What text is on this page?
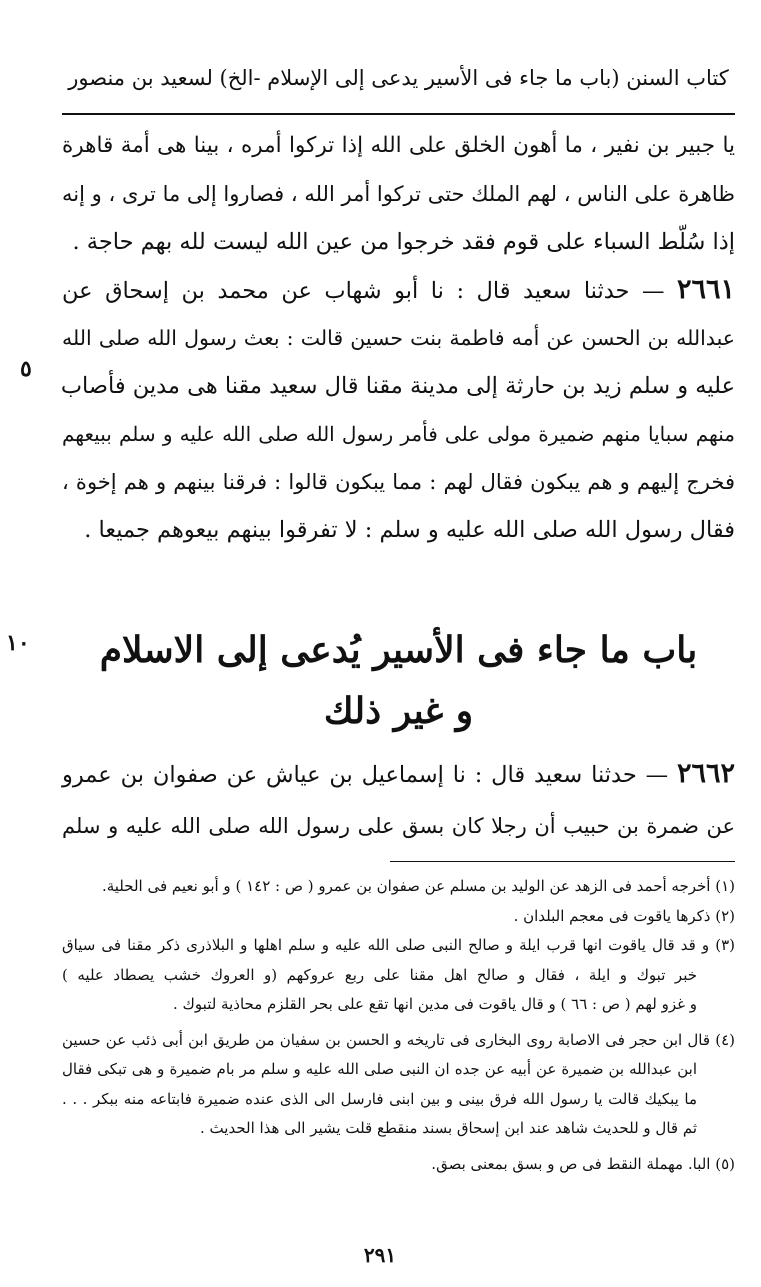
كتاب السنن (باب ما جاء فى الأسير يدعى إلى الإسلام -الخ) لسعيد بن منصور
يا جبير بن نفير ، ما أهون الخلق على الله إذا تركوا أمره ، بينا هى أمة قاهرة
ظاهرة على الناس ، لهم الملك حتى تركوا أمر الله ، فصاروا إلى ما ترى ، و إنه
إذا سُلّط السباء على قوم فقد خرجوا من عين الله ليست لله بهم حاجة .
٢٦٦١ — حدثنا سعيد قال : نا أبو شهاب عن محمد بن إسحاق عن
عبدالله بن الحسن عن أمه فاطمة بنت حسين قالت : بعث رسول الله صلى الله
عليه و سلم زيد بن حارثة إلى مدينة مقنا قال سعيد مقنا هى مدين فأصاب
منهم سبايا منهم ضميرة مولى على فأمر رسول الله صلى الله عليه و سلم ببيعهم
فخرج إليهم و هم يبكون فقال لهم : مما يبكون قالوا : فرقنا بينهم و هم إخوة ،
فقال رسول الله صلى الله عليه و سلم : لا تفرقوا بينهم بيعوهم جميعا .
٥
١٠	باب ما جاء فى الأسير يُدعى إلى الاسلام
و غير ذلك
٢٦٦٢ — حدثنا سعيد قال : نا إسماعيل بن عياش عن صفوان بن عمرو
عن ضمرة بن حبيب أن رجلا كان بسق على رسول الله صلى الله عليه و سلم
(١) أخرجه أحمد فى الزهد عن الوليد بن مسلم عن صفوان بن عمرو ( ص : ١٤٢ ) و أبو نعيم فى الحلية.
(٢) ذكرها ياقوت فى معجم البلدان .
(٣) و قد قال ياقوت انها قرب ايلة و صالح النبى صلى الله عليه و سلم اهلها و البلاذرى ذكر مقنا فى سياق
خبر تبوك و ايلة ، فقال و صالح اهل مقنا على ربع عروكهم (و العروك خشب يصطاد عليه )
و غزو لهم ( ص : ٦٦ ) و قال ياقوت فى مدين انها تقع على بحر القلزم محاذية لتبوك .
(٤) قال ابن حجر فى الاصابة روى البخارى فى تاريخه و الحسن بن سفيان من طريق ابن أبى ذئب عن حسين
ابن عبدالله بن ضميرة عن أبيه عن جده ان النبى صلى الله عليه و سلم مر بام ضميرة و هى تبكى فقال
ما يبكيك قالت يا رسول الله فرق بينى و بين ابنى فارسل الى الذى عنده ضميرة فابتاعه منه ببكر . . .
ثم قال و للحديث شاهد عند ابن إسحاق بسند منقطع قلت يشير الى هذا الحديث .
(٥) البا. مهملة النقط فى ص و بسق بمعنى بصق.
٢٩١
